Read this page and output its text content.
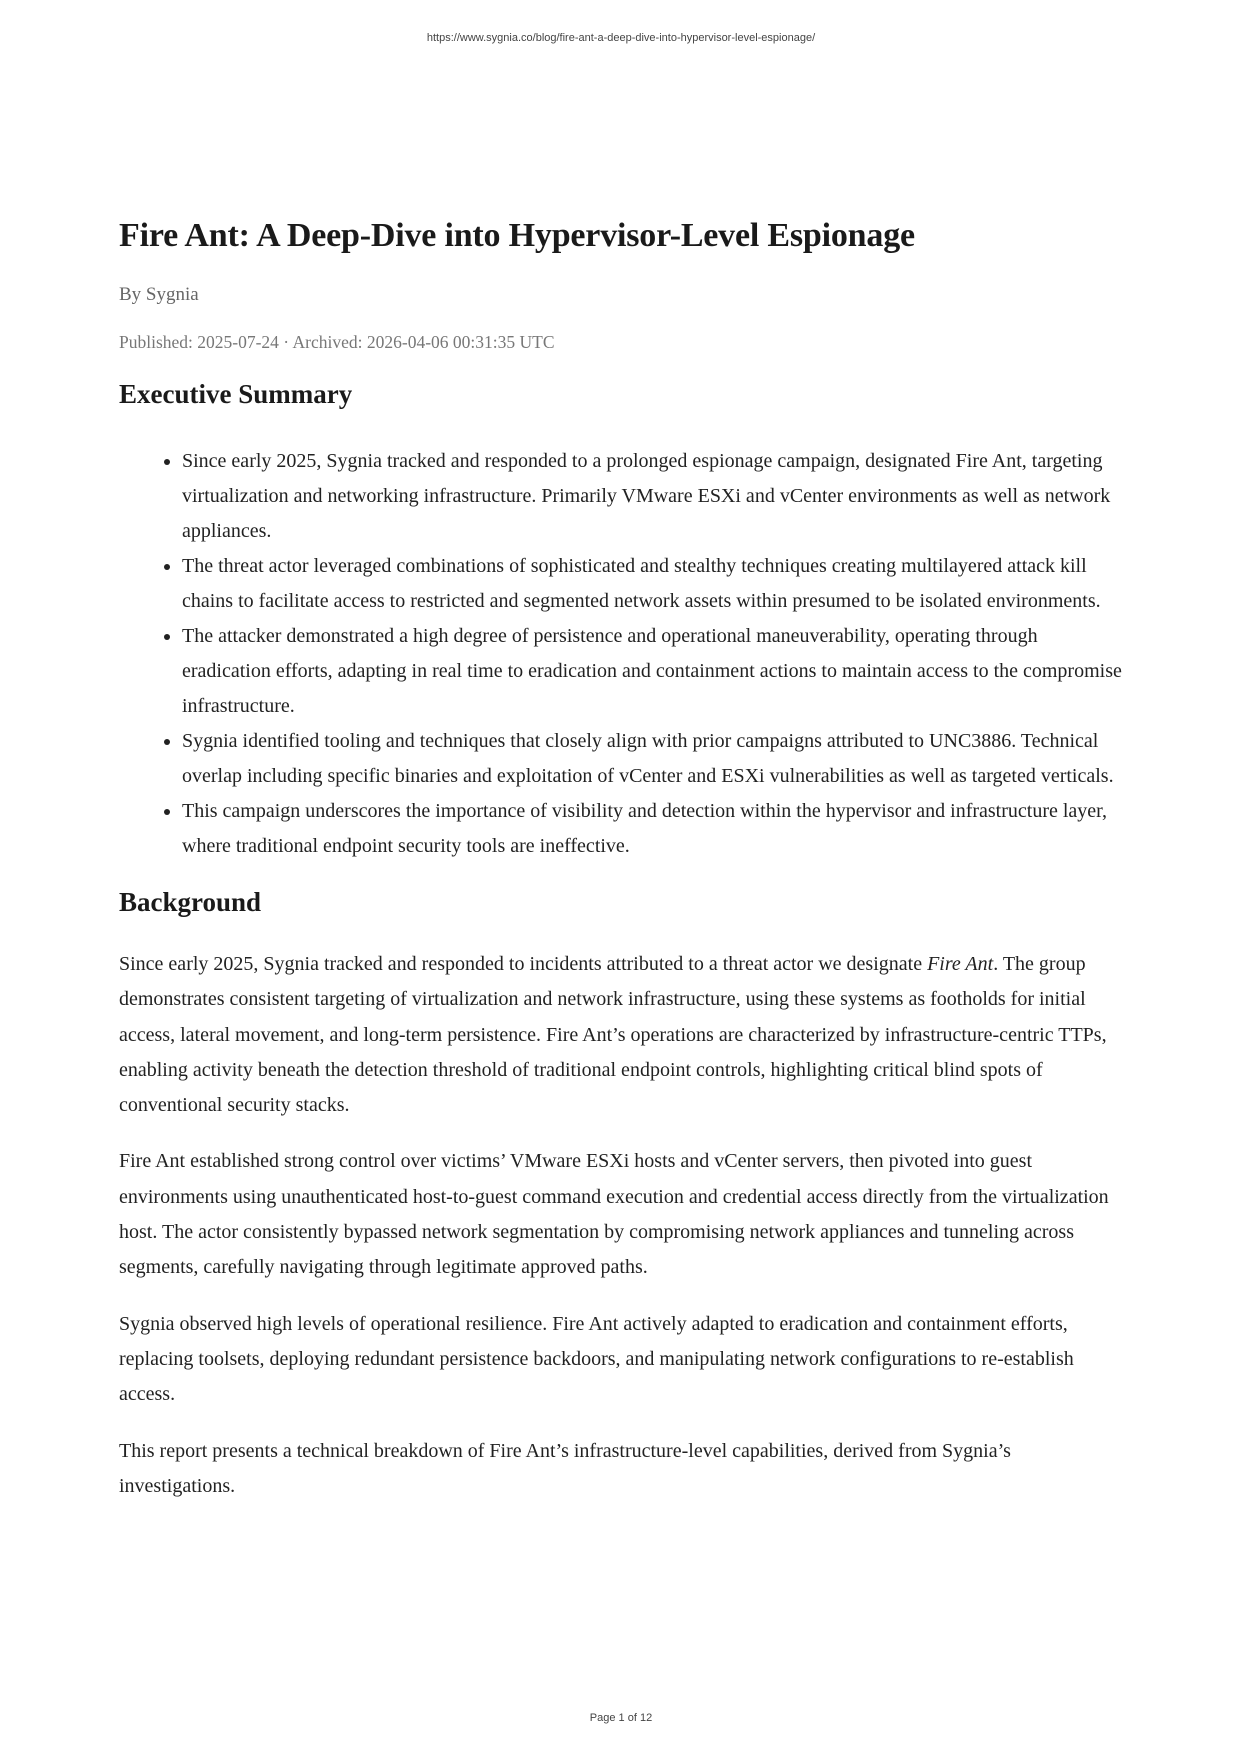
https://www.sygnia.co/blog/fire-ant-a-deep-dive-into-hypervisor-level-espionage/
Fire Ant: A Deep-Dive into Hypervisor-Level Espionage
By Sygnia
Published: 2025-07-24 · Archived: 2026-04-06 00:31:35 UTC
Executive Summary
• Since early 2025, Sygnia tracked and responded to a prolonged espionage campaign, designated Fire Ant, targeting virtualization and networking infrastructure. Primarily VMware ESXi and vCenter environments as well as network appliances.
• The threat actor leveraged combinations of sophisticated and stealthy techniques creating multilayered attack kill chains to facilitate access to restricted and segmented network assets within presumed to be isolated environments.
• The attacker demonstrated a high degree of persistence and operational maneuverability, operating through eradication efforts, adapting in real time to eradication and containment actions to maintain access to the compromise infrastructure.
• Sygnia identified tooling and techniques that closely align with prior campaigns attributed to UNC3886. Technical overlap including specific binaries and exploitation of vCenter and ESXi vulnerabilities as well as targeted verticals.
• This campaign underscores the importance of visibility and detection within the hypervisor and infrastructure layer, where traditional endpoint security tools are ineffective.
Background

Since early 2025, Sygnia tracked and responded to incidents attributed to a threat actor we designate Fire Ant. The group demonstrates consistent targeting of virtualization and network infrastructure, using these systems as footholds for initial access, lateral movement, and long-term persistence. Fire Ant’s operations are characterized by infrastructure-centric TTPs, enabling activity beneath the detection threshold of traditional endpoint controls, highlighting critical blind spots of conventional security stacks.

Fire Ant established strong control over victims’ VMware ESXi hosts and vCenter servers, then pivoted into guest environments using unauthenticated host-to-guest command execution and credential access directly from the virtualization host. The actor consistently bypassed network segmentation by compromising network appliances and tunneling across segments, carefully navigating through legitimate approved paths.

Sygnia observed high levels of operational resilience. Fire Ant actively adapted to eradication and containment efforts, replacing toolsets, deploying redundant persistence backdoors, and manipulating network configurations to re-establish access.

This report presents a technical breakdown of Fire Ant’s infrastructure-level capabilities, derived from Sygnia’s investigations.

Page 1 of 12
